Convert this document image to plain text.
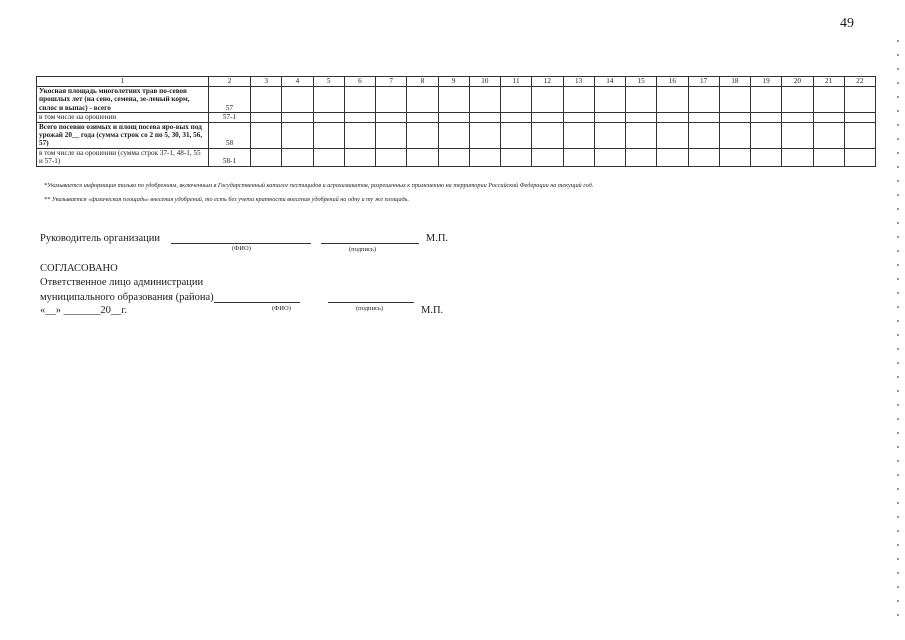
49
1	2	3	4	5	6	7	8	9	10	11	12	13	14	15	16	17	18	19	20	21	22
Укосная площадь многолетних трав по-севов прошлых лет (на сено, семена, зе-леный корм, силос и выпас) - всего	57																				
в том числе на орошении	57-1																				
Всего посевно озимых и площ посева яро-вых под урожай 20__ года (сумма строк со 2 по 5, 30, 31, 56, 57)	58																				
в том числе на орошении (сумма строк 37-1, 48-1, 55 и 57-1)	58-1																				
*Указывается информация только по удобрениям, включенным в Государственный каталог пестицидов и агрохимикатов, разрешенных к применению на территории Российской Федерации на текущий год.
** Указывается «физическая площадь» внесения удобрений, то есть без учета кратности внесения удобрений на одну и ту же площадь.
Руководитель организации	М.П.
(ФИО)	(подпись)
СОГЛАСОВАНО
Ответственное лицо администрации
муниципального образования (района)
«__» _______20__г.	(ФИО)	(подпись)	М.П.
